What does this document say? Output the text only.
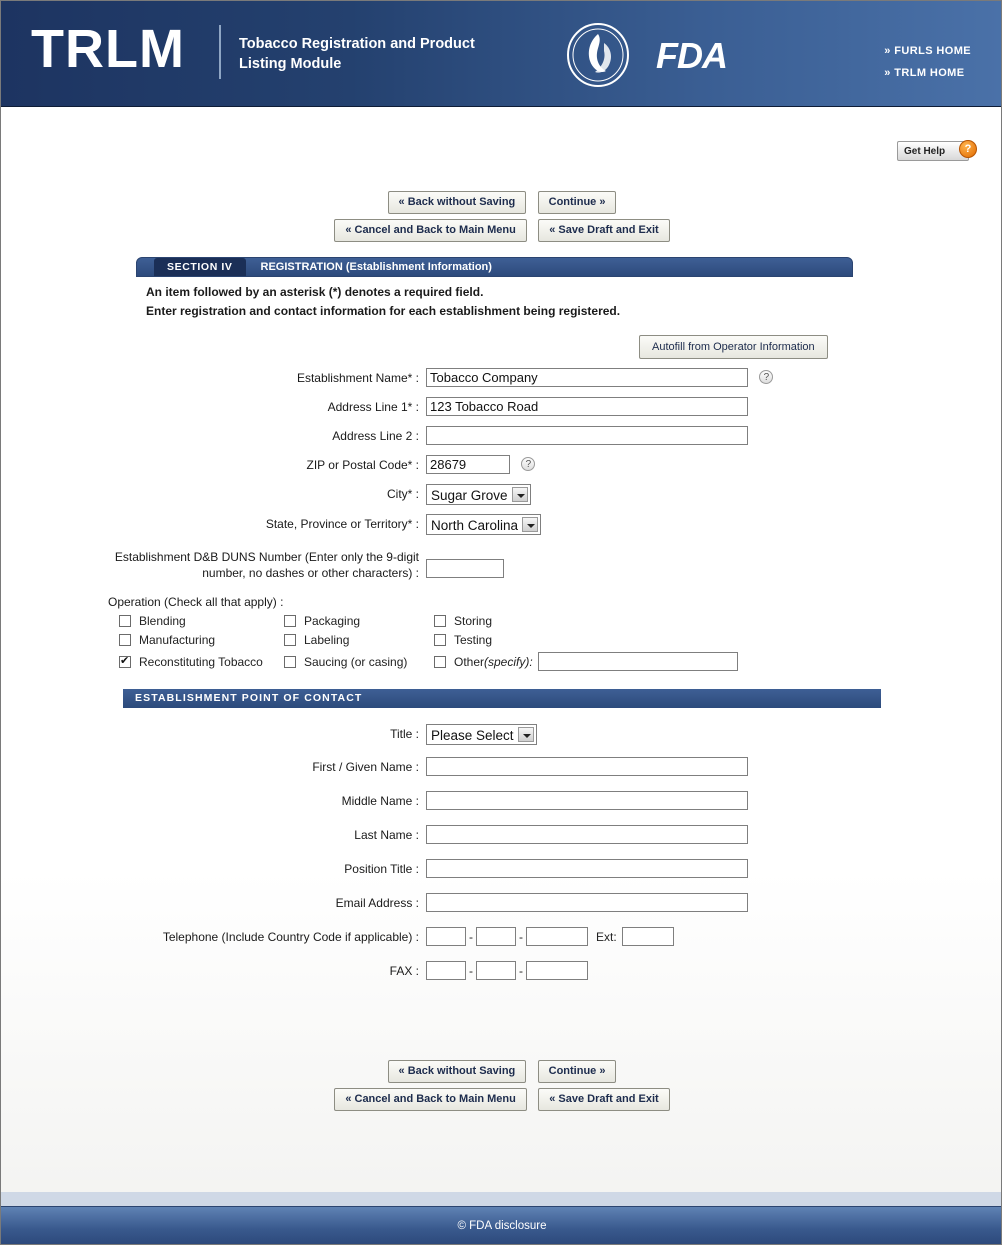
TRLM	Tobacco Registration and Product Listing Module	FDA	» FURLS HOME
» TRLM HOME
Get Help	?
« Back without Saving	Continue »
« Cancel and Back to Main Menu	« Save Draft and Exit
SECTION IV	REGISTRATION (Establishment Information)
An item followed by an asterisk (*) denotes a required field.
Enter registration and contact information for each establishment being registered.
Autofill from Operator Information
Establishment Name* :
Tobacco Company	?
Address Line 1* :
123 Tobacco Road
Address Line 2 :
ZIP or Postal Code* :
28679	?
City* : Sugar Grove
State, Province or Territory* : North Carolina
Establishment D&B DUNS Number (Enter only the 9-digit
number, no dashes or other characters) :
Operation (Check all that apply) :
Blending	Packaging	Storing
Manufacturing	Labeling	Testing
✔
Reconstituting Tobacco	Saucing (or casing)	Other (specify):
ESTABLISHMENT POINT OF CONTACT
Title : Please Select
First / Given Name :
Middle Name :
Last Name :
Position Title :
Email Address :
Telephone (Include Country Code if applicable) :	-	-	Ext:
FAX :	-	-
« Back without Saving	Continue »
« Cancel and Back to Main Menu	« Save Draft and Exit
© FDA disclosure
